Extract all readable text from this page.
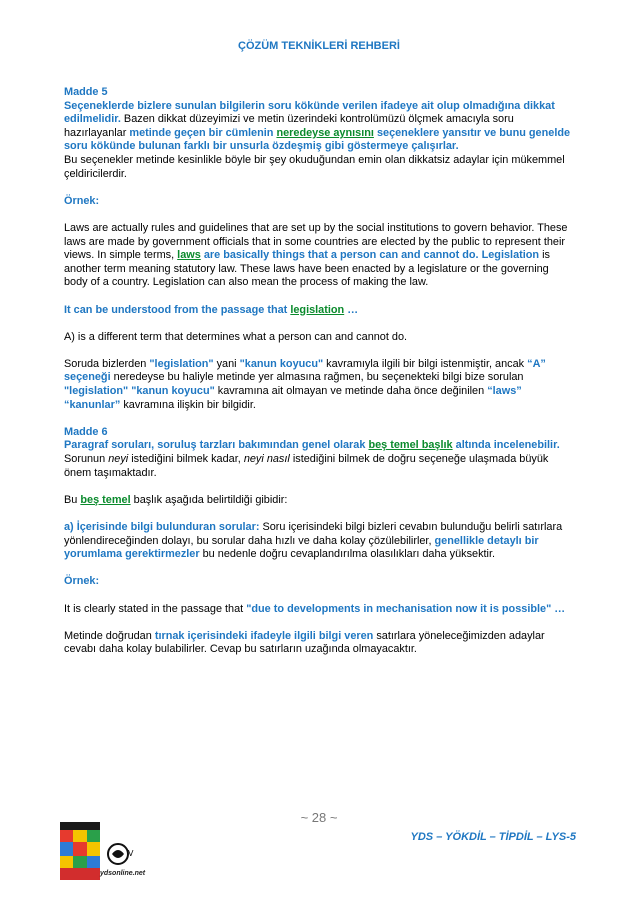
ÇÖZÜM TEKNİKLERİ REHBERİ

Madde 5
Seçeneklerde bizlere sunulan bilgilerin soru kökünde verilen ifadeye ait olup olmadığına dikkat edilmelidir. Bazen dikkat düzeyimizi ve metin üzerindeki kontrolümüzü ölçmek amacıyla soru hazırlayanlar metinde geçen bir cümlenin neredeyse aynısını seçeneklere yansıtır ve bunu genelde soru kökünde bulunan farklı bir unsurla özdeşmiş gibi göstermeye çalışırlar.
Bu seçenekler metinde kesinlikle böyle bir şey okuduğundan emin olan dikkatsiz adaylar için mükemmel çeldiricilerdir.

Örnek:

Laws are actually rules and guidelines that are set up by the social institutions to govern behavior. These laws are made by government officials that in some countries are elected by the public to represent their views. In simple terms, laws are basically things that a person can and cannot do. Legislation is another term meaning statutory law. These laws have been enacted by a legislature or the governing body of a country. Legislation can also mean the process of making the law.

It can be understood from the passage that legislation …

A) is a different term that determines what a person can and cannot do.

Soruda bizlerden "legislation" yani "kanun koyucu" kavramıyla ilgili bir bilgi istenmiştir, ancak “A” seçeneği neredeyse bu haliyle metinde yer almasına rağmen, bu seçenekteki bilgi bize sorulan "legislation" "kanun koyucu" kavramına ait olmayan ve metinde daha önce değinilen “laws” “kanunlar” kavramına ilişkin bir bilgidir.

Madde 6
Paragraf soruları, soruluş tarzları bakımından genel olarak beş temel başlık altında incelenebilir. Sorunun neyi istediğini bilmek kadar, neyi nasıl istediğini bilmek de doğru seçeneğe ulaşmada büyük önem taşımaktadır.

Bu beş temel başlık aşağıda belirtildiği gibidir:

a) İçerisinde bilgi bulunduran sorular: Soru içerisindeki bilgi bizleri cevabın bulunduğu belirli satırlara yönlendireceğinden dolayı, bu sorular daha hızlı ve daha kolay çözülebilirler, genellikle detaylı bir yorumlama gerektirmezler bu nedenle doğru cevaplandırılma olasılıkları daha yüksektir.

Örnek:

It is clearly stated in the passage that "due to developments in mechanisation now it is possible" …

Metinde doğrudan tırnak içerisindeki ifadeyle ilgili bilgi veren satırlara yöneleceğimizden adaylar cevabı daha kolay bulabilirler. Cevap bu satırların uzağında olmayacaktır.

V
ydsonline.net
~ 28 ~
YDS – YÖKDİL – TİPDİL – LYS-5
